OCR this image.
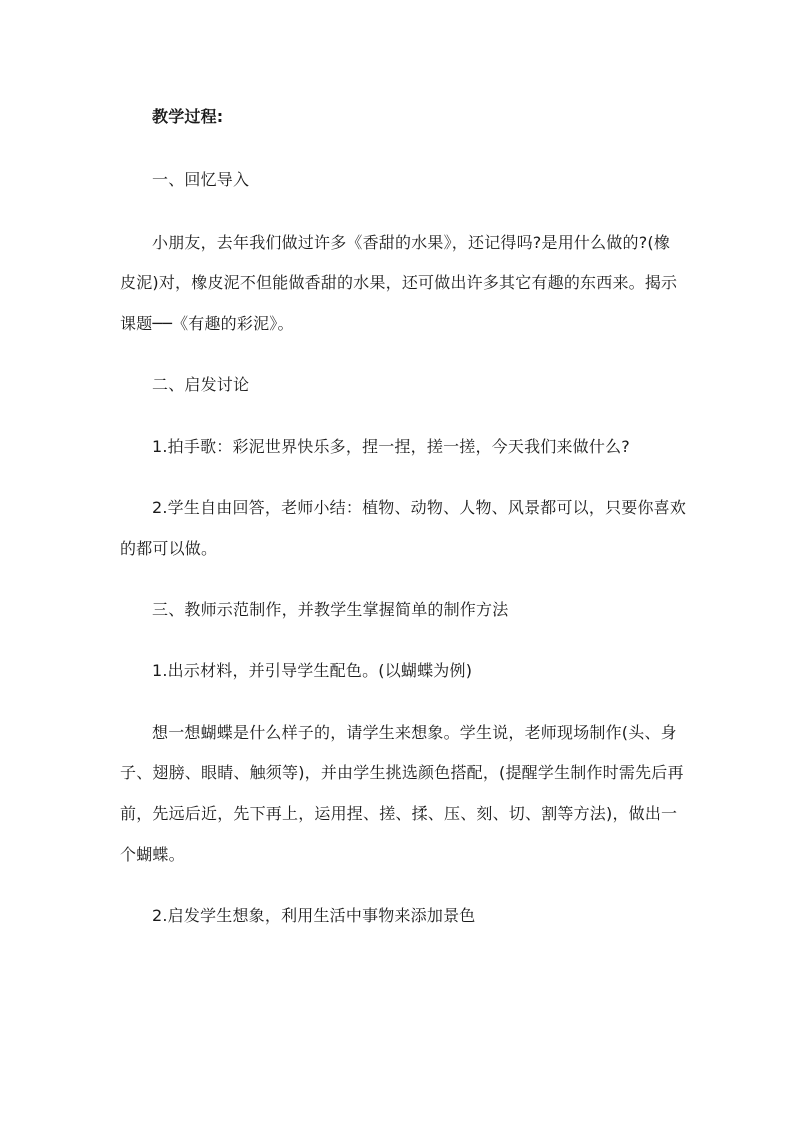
教学过程:
一、回忆导入
小朋友，去年我们做过许多《香甜的水果》，还记得吗?是用什么做的?(橡
皮泥)对，橡皮泥不但能做香甜的水果，还可做出许多其它有趣的东西来。揭示
课题──《有趣的彩泥》。
二、启发讨论
1.拍手歌：彩泥世界快乐多，捏一捏，搓一搓，今天我们来做什么?
2.学生自由回答，老师小结：植物、动物、人物、风景都可以，只要你喜欢
的都可以做。
三、教师示范制作，并教学生掌握简单的制作方法
1.出示材料，并引导学生配色。(以蝴蝶为例)
想一想蝴蝶是什么样子的，请学生来想象。学生说，老师现场制作(头、身
子、翅膀、眼睛、触须等)，并由学生挑选颜色搭配，(提醒学生制作时需先后再
前，先远后近，先下再上，运用捏、搓、揉、压、刻、切、割等方法)，做出一
个蝴蝶。
2.启发学生想象，利用生活中事物来添加景色
